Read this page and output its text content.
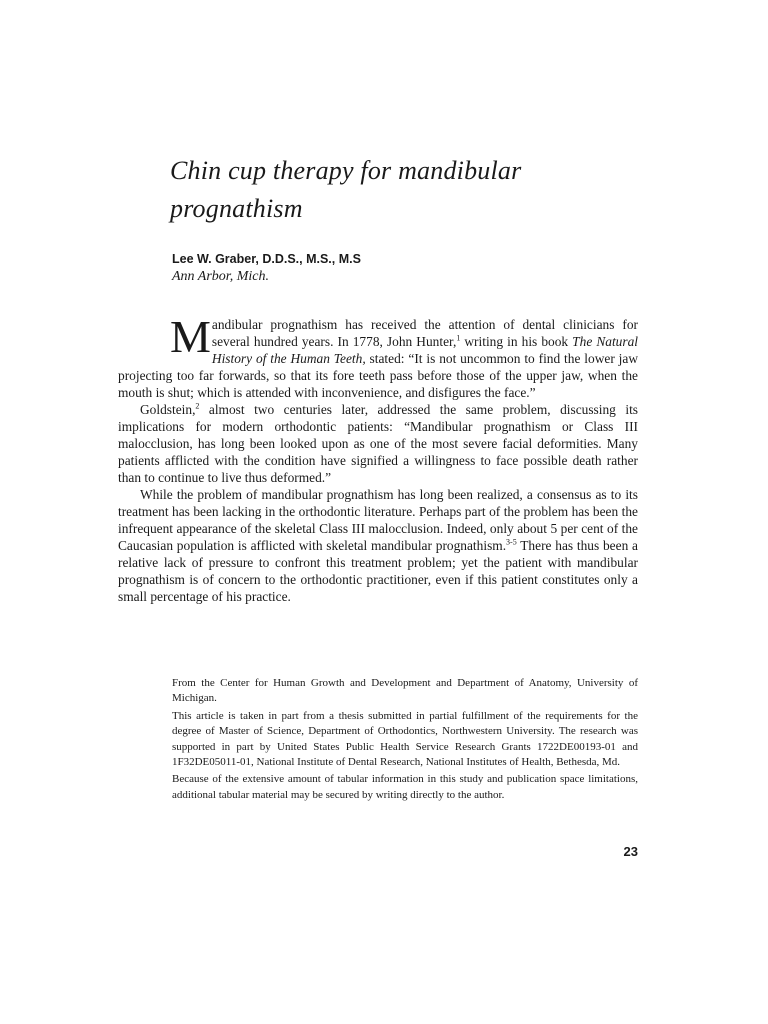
Chin cup therapy for mandibular prognathism

Lee W. Graber, D.D.S., M.S., M.S

Ann Arbor, Mich.

Mandibular prognathism has received the attention of dental clinicians for several hundred years. In 1778, John Hunter,$^1$ writing in his book The Natural History of the Human Teeth, stated: “It is not uncommon to find the lower jaw projecting too far forwards, so that its fore teeth pass before those of the upper jaw, when the mouth is shut; which is attended with inconvenience, and disfigures the face.”

Goldstein,$^2$ almost two centuries later, addressed the same problem, discussing its implications for modern orthodontic patients: “Mandibular prognathism or Class III malocclusion, has long been looked upon as one of the most severe facial deformities. Many patients afflicted with the condition have signified a willingness to face possible death rather than to continue to live thus deformed.”

While the problem of mandibular prognathism has long been realized, a consensus as to its treatment has been lacking in the orthodontic literature. Perhaps part of the problem has been the infrequent appearance of the skeletal Class III malocclusion. Indeed, only about 5 per cent of the Caucasian population is afflicted with skeletal mandibular prognathism.$^{3-5}$ There has thus been a relative lack of pressure to confront this treatment problem; yet the patient with mandibular prognathism is of concern to the orthodontic practitioner, even if this patient constitutes only a small percentage of his practice.

From the Center for Human Growth and Development and Department of Anatomy, University of Michigan.

This article is taken in part from a thesis submitted in partial fulfillment of the requirements for the degree of Master of Science, Department of Orthodontics, Northwestern University. The research was supported in part by United States Public Health Service Research Grants 1722DE00193-01 and 1F32DE05011-01, National Institute of Dental Research, National Institutes of Health, Bethesda, Md.

Because of the extensive amount of tabular information in this study and publication space limitations, additional tabular material may be secured by writing directly to the author.

23
